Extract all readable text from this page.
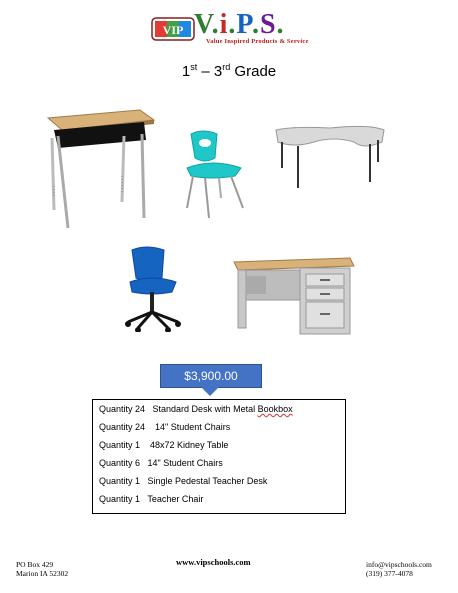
VIP V.i.P.S.
Value Inspired Products & Service
1st – 3rd Grade
$3,900.00
Quantity 24   Standard Desk with Metal Bookbox
Quantity 24    14" Student Chairs
Quantity 1    48x72 Kidney Table
Quantity 6   14" Student Chairs
Quantity 1   Single Pedestal Teacher Desk
Quantity 1   Teacher Chair
PO Box 429
Marion IA 52302
www.vipschools.com	info@vipschools.com
(319) 377-4078
